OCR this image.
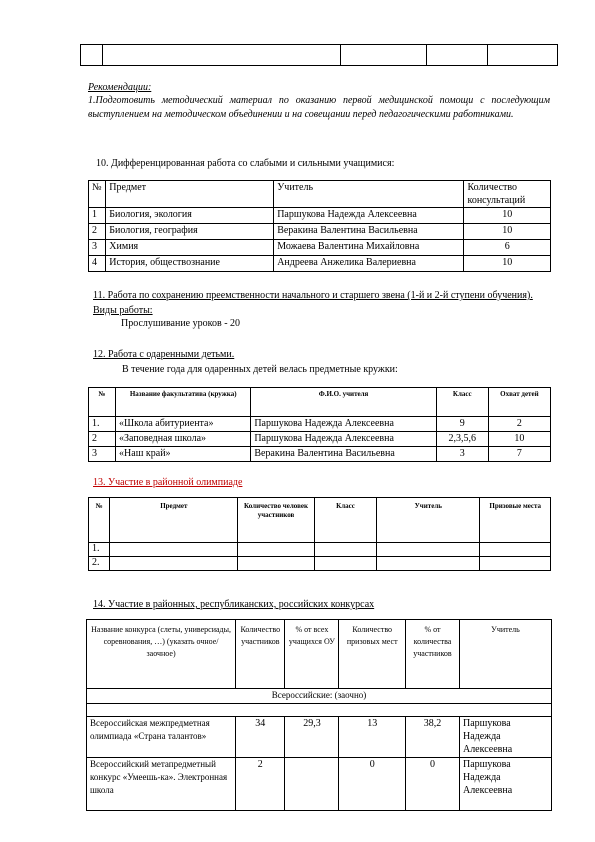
Рекомендации:
1.Подготовить методический материал по оказанию первой медицинской помощи с последующим выступлением на методическом объединении и на совещании перед педагогическими работниками.
10. Дифференцированная работа со слабыми и сильными учащимися:
№	Предмет	Учитель	Количество консультаций
1	Биология, экология	Паршукова Надежда Алексеевна	10
2	Биология, география	Веракина Валентина Васильевна	10
3	Химия	Можаева Валентина Михайловна	6
4	История, обществознание	Андреева Анжелика Валериевна	10
11. Работа по сохранению преемственности начального и старшего звена (1-й и 2-й ступени обучения). Виды работы:
Прослушивание уроков - 20
12. Работа с одаренными детьми.
В течение года для одаренных детей велась предметные кружки:
№	Название факультатива (кружка)	Ф.И.О. учителя	Класс	Охват детей
1.	«Школа абитуриента»	Паршукова Надежда Алексеевна	9	2
2	«Заповедная школа»	Паршукова Надежда Алексеевна	2,3,5,6	10
3	«Наш край»	Веракина Валентина Васильевна	3	7
13. Участие в районной олимпиаде
№	Предмет	Количество человек участников	Класс	Учитель	Призовые места
1.					
2.					
14. Участие в районных, республиканских, российских конкурсах
Название конкурса (слеты, универсиады, соревнования, …) (указать очное/заочное)	Количество участников	% от всех учащихся ОУ	Количество призовых мест	% от количества участников	Учитель
Всероссийские: (заочно)					

Всероссийская межпредметная олимпиада «Страна талантов»	34	29,3	13	38,2	Паршукова Надежда Алексеевна
Всероссийский метапредметный конкурс «Умеешь-ка». Электронная школа	2		0	0	Паршукова Надежда Алексеевна
